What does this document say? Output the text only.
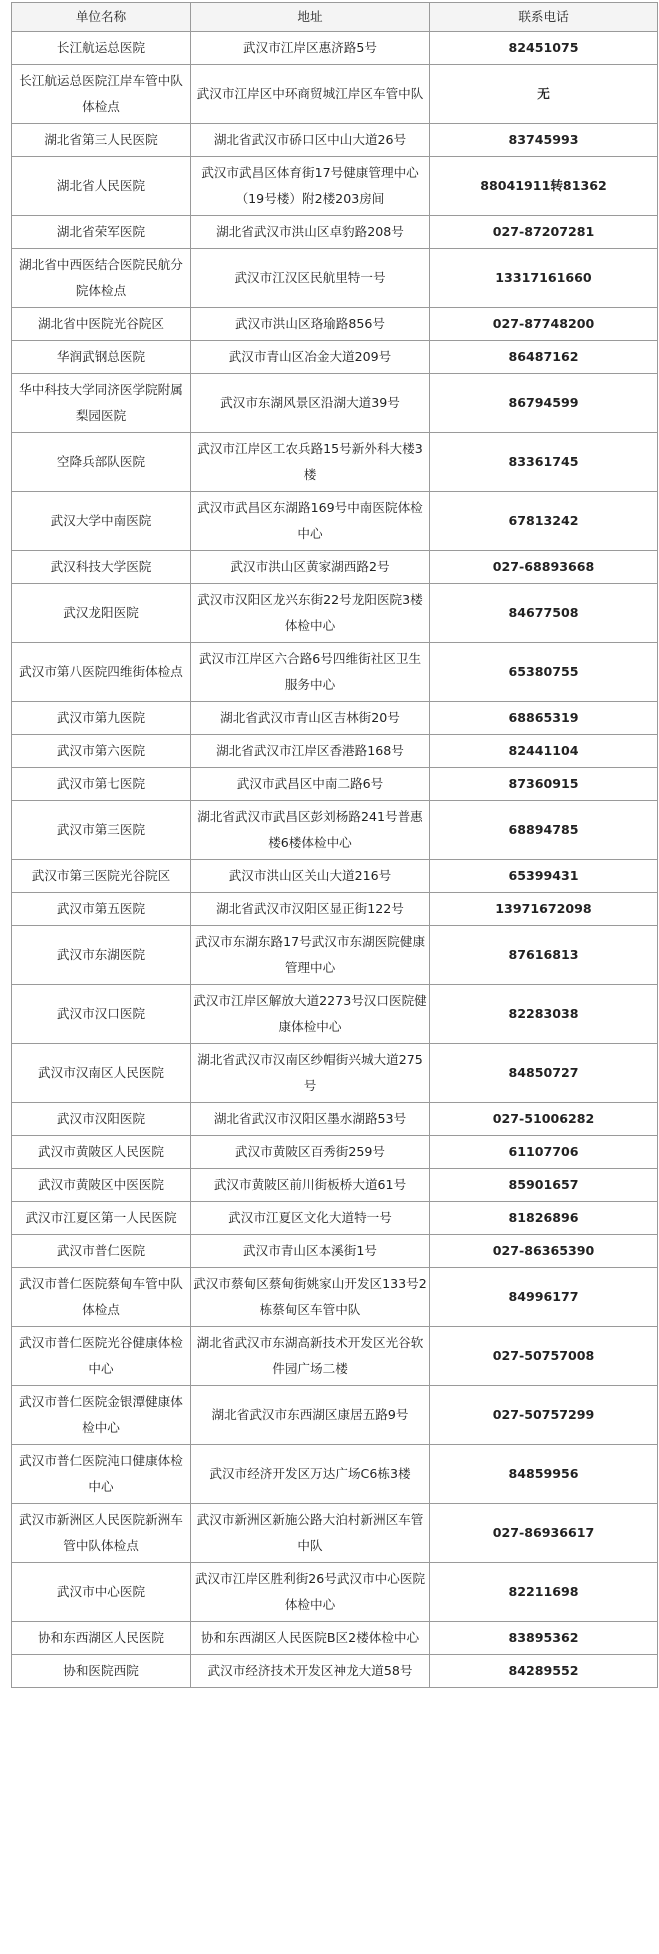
单位名称	地址	联系电话
长江航运总医院	武汉市江岸区惠济路5号	82451075
长江航运总医院江岸车管中队体检点	武汉市江岸区中环商贸城江岸区车管中队	无
湖北省第三人民医院	湖北省武汉市硚口区中山大道26号	83745993
湖北省人民医院	武汉市武昌区体育街17号健康管理中心（19号楼）附2楼203房间	88041911转81362
湖北省荣军医院	湖北省武汉市洪山区卓豹路208号	027-87207281
湖北省中西医结合医院民航分院体检点	武汉市江汉区民航里特一号	13317161660
湖北省中医院光谷院区	武汉市洪山区珞瑜路856号	027-87748200
华润武钢总医院	武汉市青山区冶金大道209号	86487162
华中科技大学同济医学院附属梨园医院	武汉市东湖风景区沿湖大道39号	86794599
空降兵部队医院	武汉市江岸区工农兵路15号新外科大楼3楼	83361745
武汉大学中南医院	武汉市武昌区东湖路169号中南医院体检中心	67813242
武汉科技大学医院	武汉市洪山区黄家湖西路2号	027-68893668
武汉龙阳医院	武汉市汉阳区龙兴东街22号龙阳医院3楼体检中心	84677508
武汉市第八医院四维街体检点	武汉市江岸区六合路6号四维街社区卫生服务中心	65380755
武汉市第九医院	湖北省武汉市青山区吉林街20号	68865319
武汉市第六医院	湖北省武汉市江岸区香港路168号	82441104
武汉市第七医院	武汉市武昌区中南二路6号	87360915
武汉市第三医院	湖北省武汉市武昌区彭刘杨路241号普惠楼6楼体检中心	68894785
武汉市第三医院光谷院区	武汉市洪山区关山大道216号	65399431
武汉市第五医院	湖北省武汉市汉阳区显正街122号	13971672098
武汉市东湖医院	武汉市东湖东路17号武汉市东湖医院健康管理中心	87616813
武汉市汉口医院	武汉市江岸区解放大道2273号汉口医院健康体检中心	82283038
武汉市汉南区人民医院	湖北省武汉市汉南区纱帽街兴城大道275号	84850727
武汉市汉阳医院	湖北省武汉市汉阳区墨水湖路53号	027-51006282
武汉市黄陂区人民医院	武汉市黄陂区百秀街259号	61107706
武汉市黄陂区中医医院	武汉市黄陂区前川街板桥大道61号	85901657
武汉市江夏区第一人民医院	武汉市江夏区文化大道特一号	81826896
武汉市普仁医院	武汉市青山区本溪街1号	027-86365390
武汉市普仁医院蔡甸车管中队体检点	武汉市蔡甸区蔡甸街姚家山开发区133号2栋蔡甸区车管中队	84996177
武汉市普仁医院光谷健康体检中心	湖北省武汉市东湖高新技术开发区光谷软件园广场二楼	027-50757008
武汉市普仁医院金银潭健康体检中心	湖北省武汉市东西湖区康居五路9号	027-50757299
武汉市普仁医院沌口健康体检中心	武汉市经济开发区万达广场C6栋3楼	84859956
武汉市新洲区人民医院新洲车管中队体检点	武汉市新洲区新施公路大泊村新洲区车管中队	027-86936617
武汉市中心医院	武汉市江岸区胜利街26号武汉市中心医院体检中心	82211698
协和东西湖区人民医院	协和东西湖区人民医院B区2楼体检中心	83895362
协和医院西院	武汉市经济技术开发区神龙大道58号	84289552
